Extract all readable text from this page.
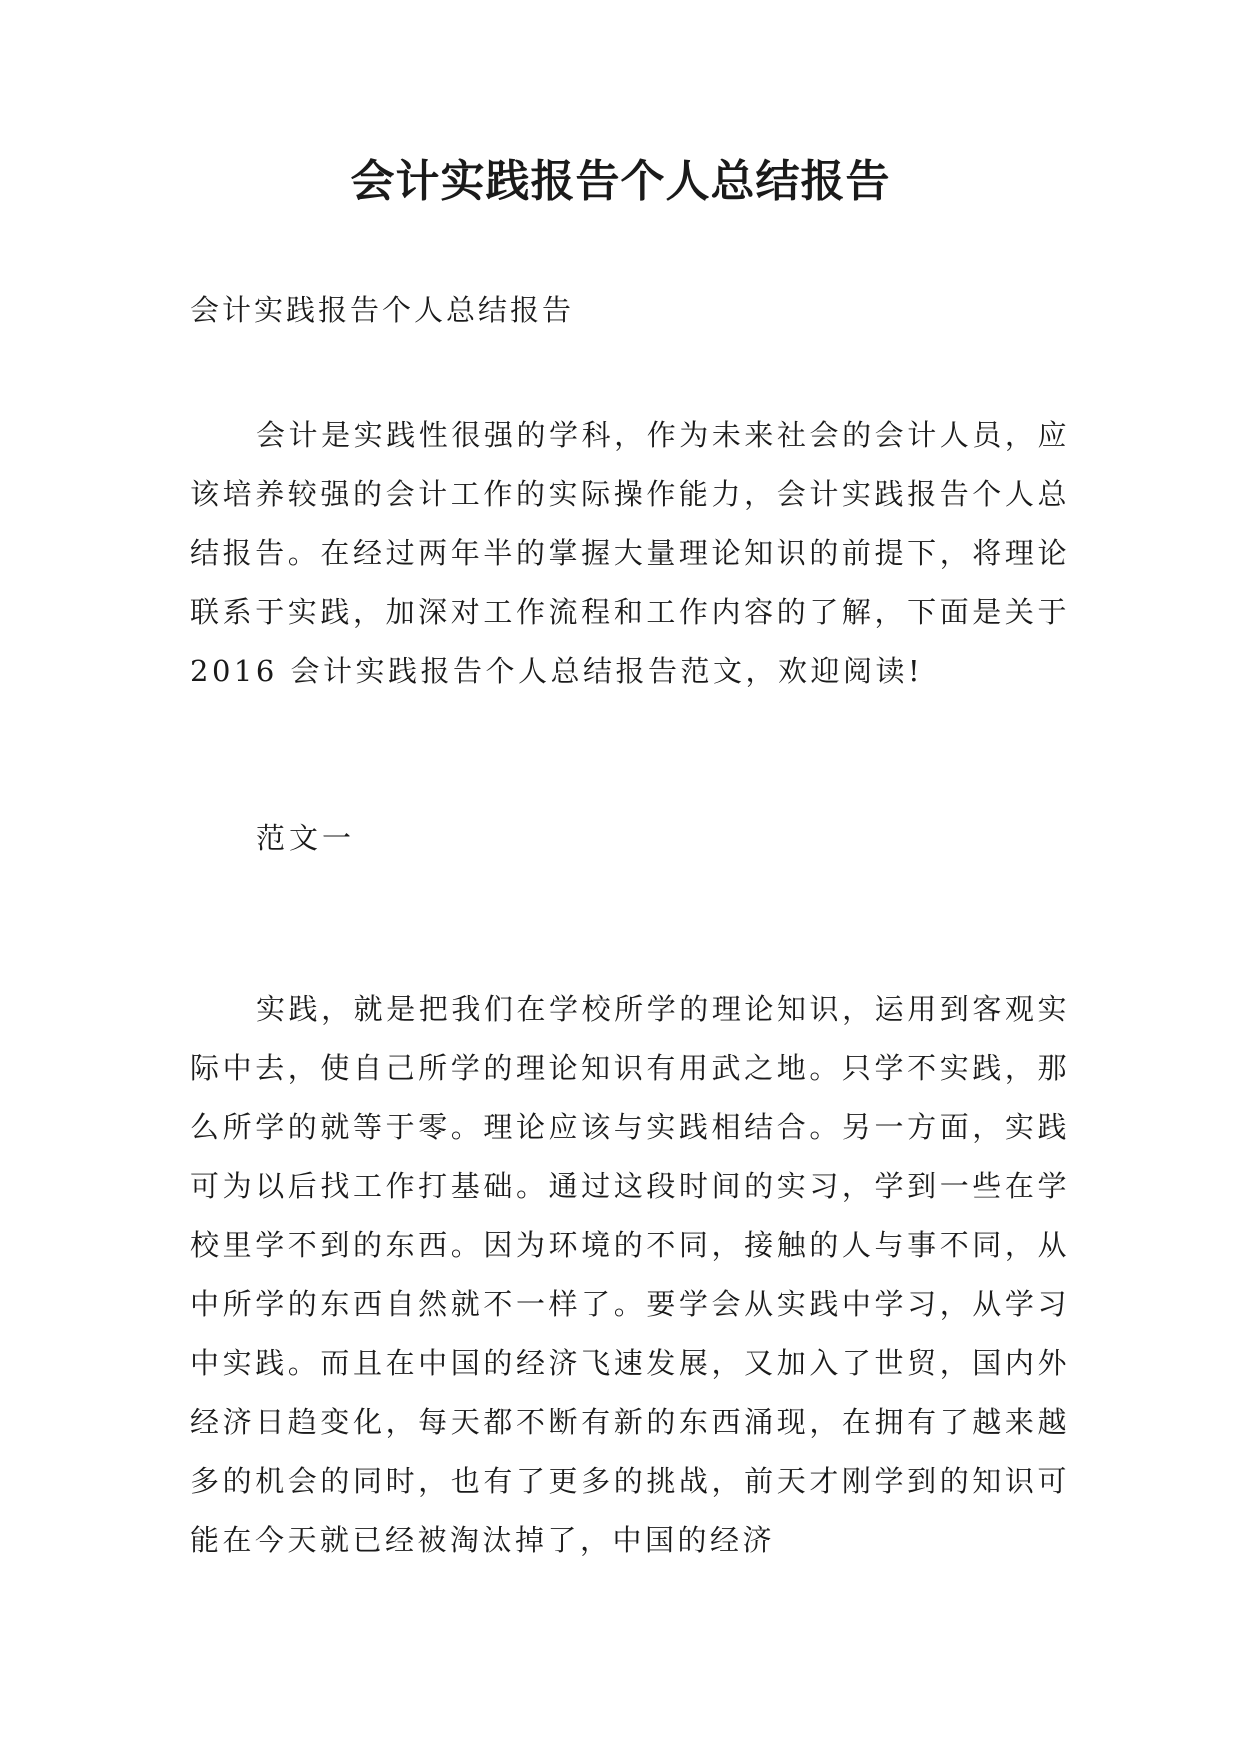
会计实践报告个人总结报告

会计实践报告个人总结报告

会计是实践性很强的学科，作为未来社会的会计人员，应该培养较强的会计工作的实际操作能力，会计实践报告个人总结报告。在经过两年半的掌握大量理论知识的前提下，将理论联系于实践，加深对工作流程和工作内容的了解，下面是关于 2016 会计实践报告个人总结报告范文，欢迎阅读!

范文一

实践，就是把我们在学校所学的理论知识，运用到客观实际中去，使自己所学的理论知识有用武之地。只学不实践，那么所学的就等于零。理论应该与实践相结合。另一方面，实践可为以后找工作打基础。通过这段时间的实习，学到一些在学校里学不到的东西。因为环境的不同，接触的人与事不同，从中所学的东西自然就不一样了。要学会从实践中学习，从学习中实践。而且在中国的经济飞速发展，又加入了世贸，国内外经济日趋变化，每天都不断有新的东西涌现，在拥有了越来越多的机会的同时，也有了更多的挑战，前天才刚学到的知识可能在今天就已经被淘汰掉了，中国的经济
